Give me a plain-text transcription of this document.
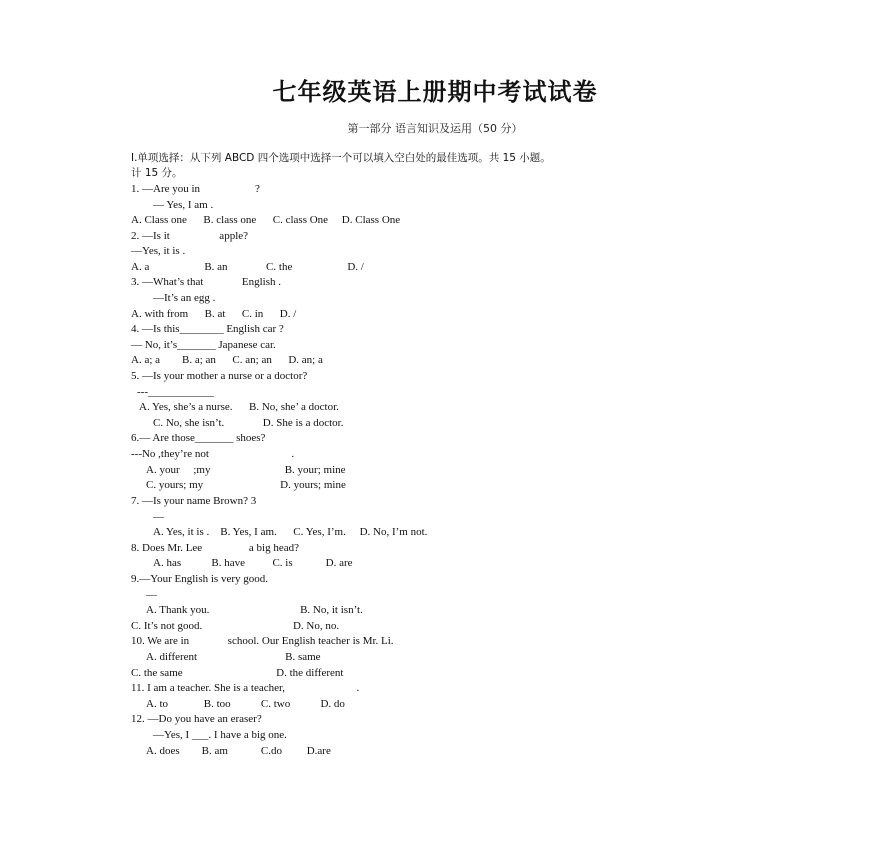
七年级英语上册期中考试试卷
第一部分 语言知识及运用（50 分）
I.单项选择：从下列 ABCD 四个选项中选择一个可以填入空白处的最佳选项。共 15 小题。
计 15 分。
1. —Are you in                    ?
— Yes, I am .
A. Class one      B. class one      C. class One     D. Class One
2. —Is it                  apple?
—Yes, it is .
A. a                    B. an              C. the                    D. /
3. —What’s that              English .
—It’s an egg .
A. with from      B. at      C. in      D. /
4. —Is this________ English car ?
— No, it’s_______ Japanese car.
A. a; a        B. a; an      C. an; an      D. an; a
5. —Is your mother a nurse or a doctor?
---____________
A. Yes, she’s a nurse.      B. No, she’ a doctor.
C. No, she isn’t.              D. She is a doctor.
6.— Are those_______ shoes?
---No ,they’re not                              .
A. your     ;my                           B. your; mine
C. yours; my                            D. yours; mine
7. —Is your name Brown? 3
—
A. Yes, it is .    B. Yes, I am.      C. Yes, I’m.     D. No, I’m not.
8. Does Mr. Lee                 a big head?
A. has           B. have          C. is            D. are
9.—Your English is very good.
—
A. Thank you.                                 B. No, it isn’t.
C. It’s not good.                                 D. No, no.
10. We are in              school. Our English teacher is Mr. Li.
A. different                                B. same
C. the same                                  D. the different
11. I am a teacher. She is a teacher,                          .
A. to             B. too           C. two           D. do
12. —Do you have an eraser?
—Yes, I ___. I have a big one.
A. does        B. am            C.do         D.are
